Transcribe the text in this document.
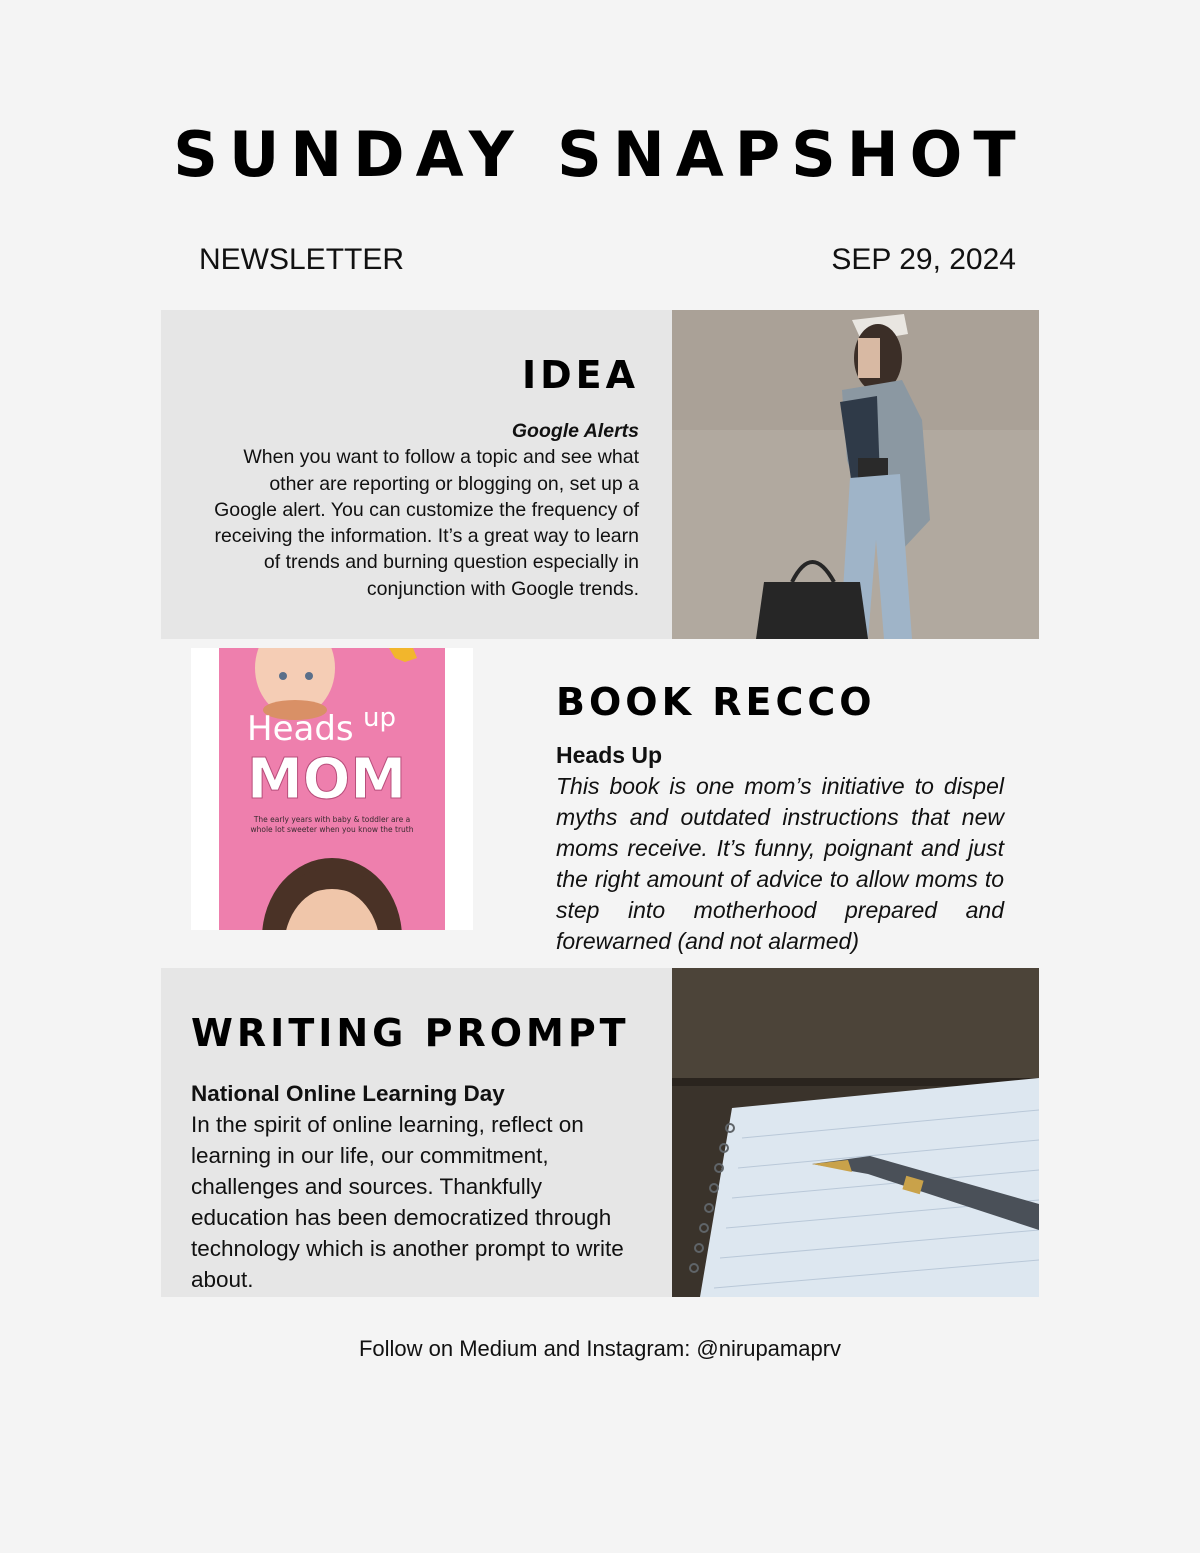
SUNDAY SNAPSHOT
NEWSLETTER	SEP 29, 2024
IDEA
Google Alerts
When you want to follow a topic and see what other are reporting or blogging on, set up a Google alert. You can customize the frequency of receiving the information. It’s a great way to learn of trends and burning question especially in conjunction with Google trends.
Heads up
MOM
The early years with baby & toddler are a
whole lot sweeter when you know the truth
BOOK RECCO
Heads Up
This book is one mom’s initiative to dispel myths and outdated instructions that new moms receive. It’s funny, poignant and just the right amount of advice to allow moms to step into motherhood prepared and forewarned (and not alarmed)
WRITING PROMPT
National Online Learning Day
In the spirit of online learning, reflect on learning in our life, our commitment, challenges and sources. Thankfully education has been democratized through technology which is another prompt to write about.
Follow on Medium and Instagram: @nirupamaprv
